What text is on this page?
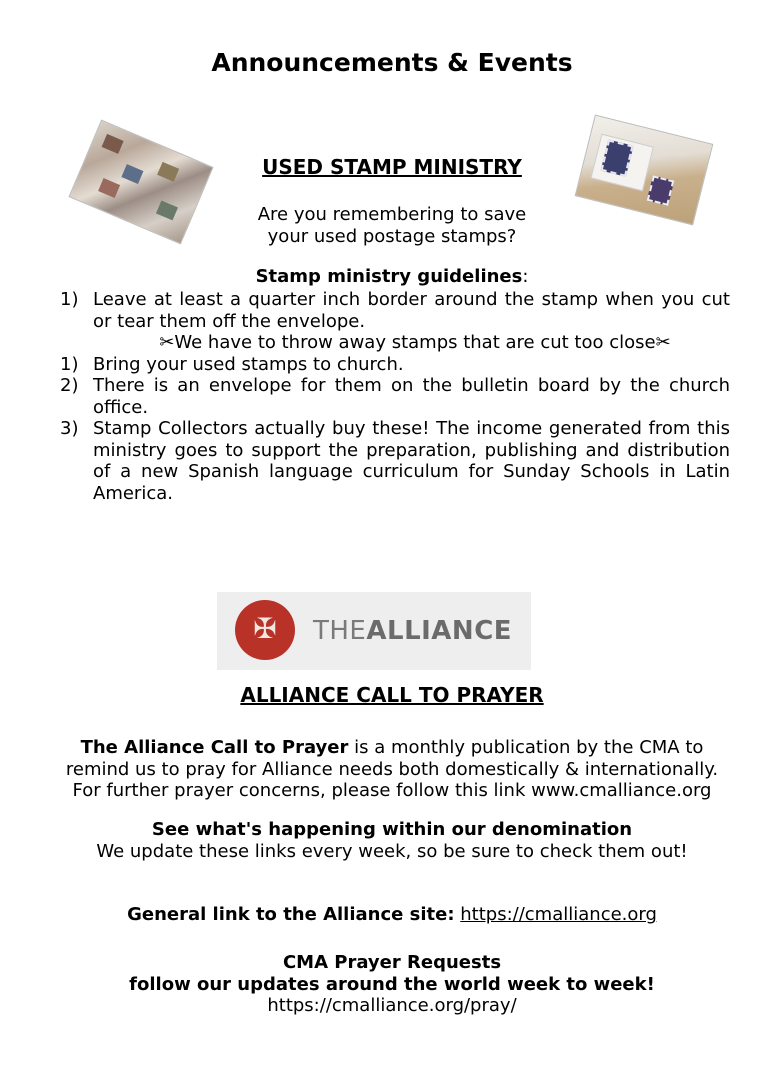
Announcements & Events
USED STAMP MINISTRY
Are you remembering to save
your used postage stamps?
Stamp ministry guidelines:
1) Leave at least a quarter inch border around the stamp when you cut or tear them off the envelope.
✂We have to throw away stamps that are cut too close✂
1) Bring your used stamps to church.
2) There is an envelope for them on the bulletin board by the church office.
3) Stamp Collectors actually buy these! The income generated from this ministry goes to support the preparation, publishing and distribution of a new Spanish language curriculum for Sunday Schools in Latin America.
✠
THEALLIANCE
ALLIANCE CALL TO PRAYER
The Alliance Call to Prayer is a monthly publication by the CMA to
remind us to pray for Alliance needs both domestically & internationally.
For further prayer concerns, please follow this link www.cmalliance.org
See what's happening within our denomination
We update these links every week, so be sure to check them out!
General link to the Alliance site: https://cmalliance.org
CMA Prayer Requests
follow our updates around the world week to week!
https://cmalliance.org/pray/
